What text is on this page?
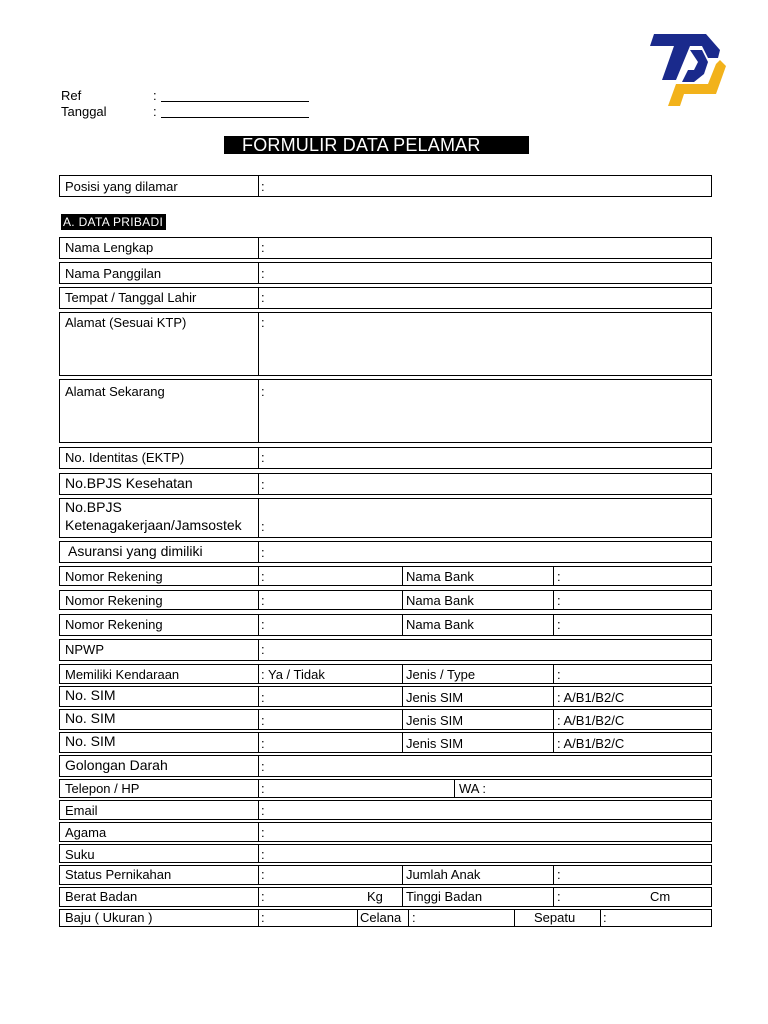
Ref	:
Tanggal	:
FORMULIR DATA PELAMAR
Posisi yang dilamar	:
A. DATA PRIBADI
Nama Lengkap	:
Nama Panggilan	:
Tempat / Tanggal Lahir	:
Alamat (Sesuai KTP)	:
Alamat Sekarang	:
No. Identitas (EKTP)	:
No.BPJS Kesehatan	:
No.BPJS
Ketenagakerjaan/Jamsostek :
Asuransi yang dimiliki	:
Nomor Rekening	:	Nama Bank	:
Nomor Rekening	:	Nama Bank	:
Nomor Rekening	:	Nama Bank	:
NPWP	:
Memiliki Kendaraan	: Ya / Tidak	Jenis / Type	:
No. SIM	:	Jenis SIM	: A/B1/B2/C
No. SIM	:	Jenis SIM	: A/B1/B2/C
No. SIM	:	Jenis SIM	: A/B1/B2/C
Golongan Darah	:
Telepon / HP	:	WA :
Email	:
Agama	:
Suku	:
Status Pernikahan	:	Jumlah Anak	:
Berat Badan	:	Kg Tinggi Badan	:	Cm
Baju ( Ukuran )	:	Celana :	Sepatu :
